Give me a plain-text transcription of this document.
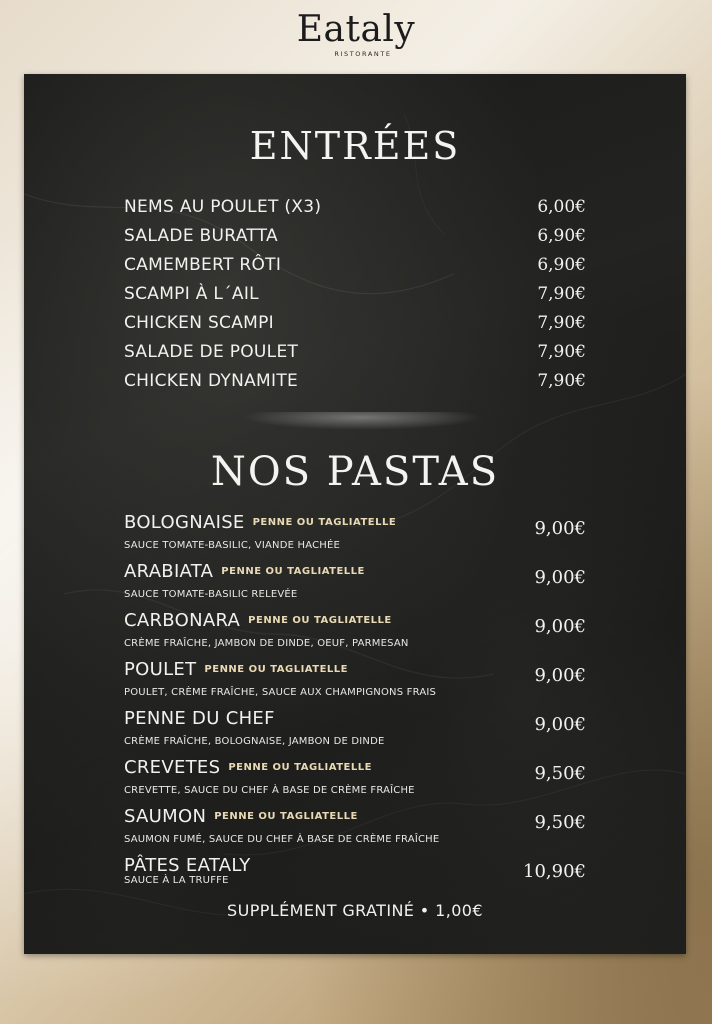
Eataly
RISTORANTE
ENTRÉES
NEMS AU POULET (X3)	6,00€
SALADE BURATTA	6,90€
CAMEMBERT RÔTI	6,90€
SCAMPI À L´AIL	7,90€
CHICKEN SCAMPI	7,90€
SALADE DE POULET	7,90€
CHICKEN DYNAMITE	7,90€
NOS PASTAS
BOLOGNAISE PENNE OU TAGLIATELLE
SAUCE TOMATE-BASILIC, VIANDE HACHÉE
9,00€
ARABIATA PENNE OU TAGLIATELLE
SAUCE TOMATE-BASILIC RELEVÉE
9,00€
CARBONARA PENNE OU TAGLIATELLE
CRÈME FRAÎCHE, JAMBON DE DINDE, OEUF, PARMESAN
9,00€
POULET PENNE OU TAGLIATELLE
POULET, CRÈME FRAÎCHE, SAUCE AUX CHAMPIGNONS FRAIS
9,00€
PENNE DU CHEF
CRÈME FRAÎCHE, BOLOGNAISE, JAMBON DE DINDE
9,00€
CREVETES PENNE OU TAGLIATELLE
CREVETTE, SAUCE DU CHEF À BASE DE CRÈME FRAÎCHE
9,50€
SAUMON PENNE OU TAGLIATELLE
SAUMON FUMÉ, SAUCE DU CHEF À BASE DE CRÈME FRAÎCHE
9,50€
PÂTES EATALY
SAUCE À LA TRUFFE	10,90€
SUPPLÉMENT GRATINÉ • 1,00€
